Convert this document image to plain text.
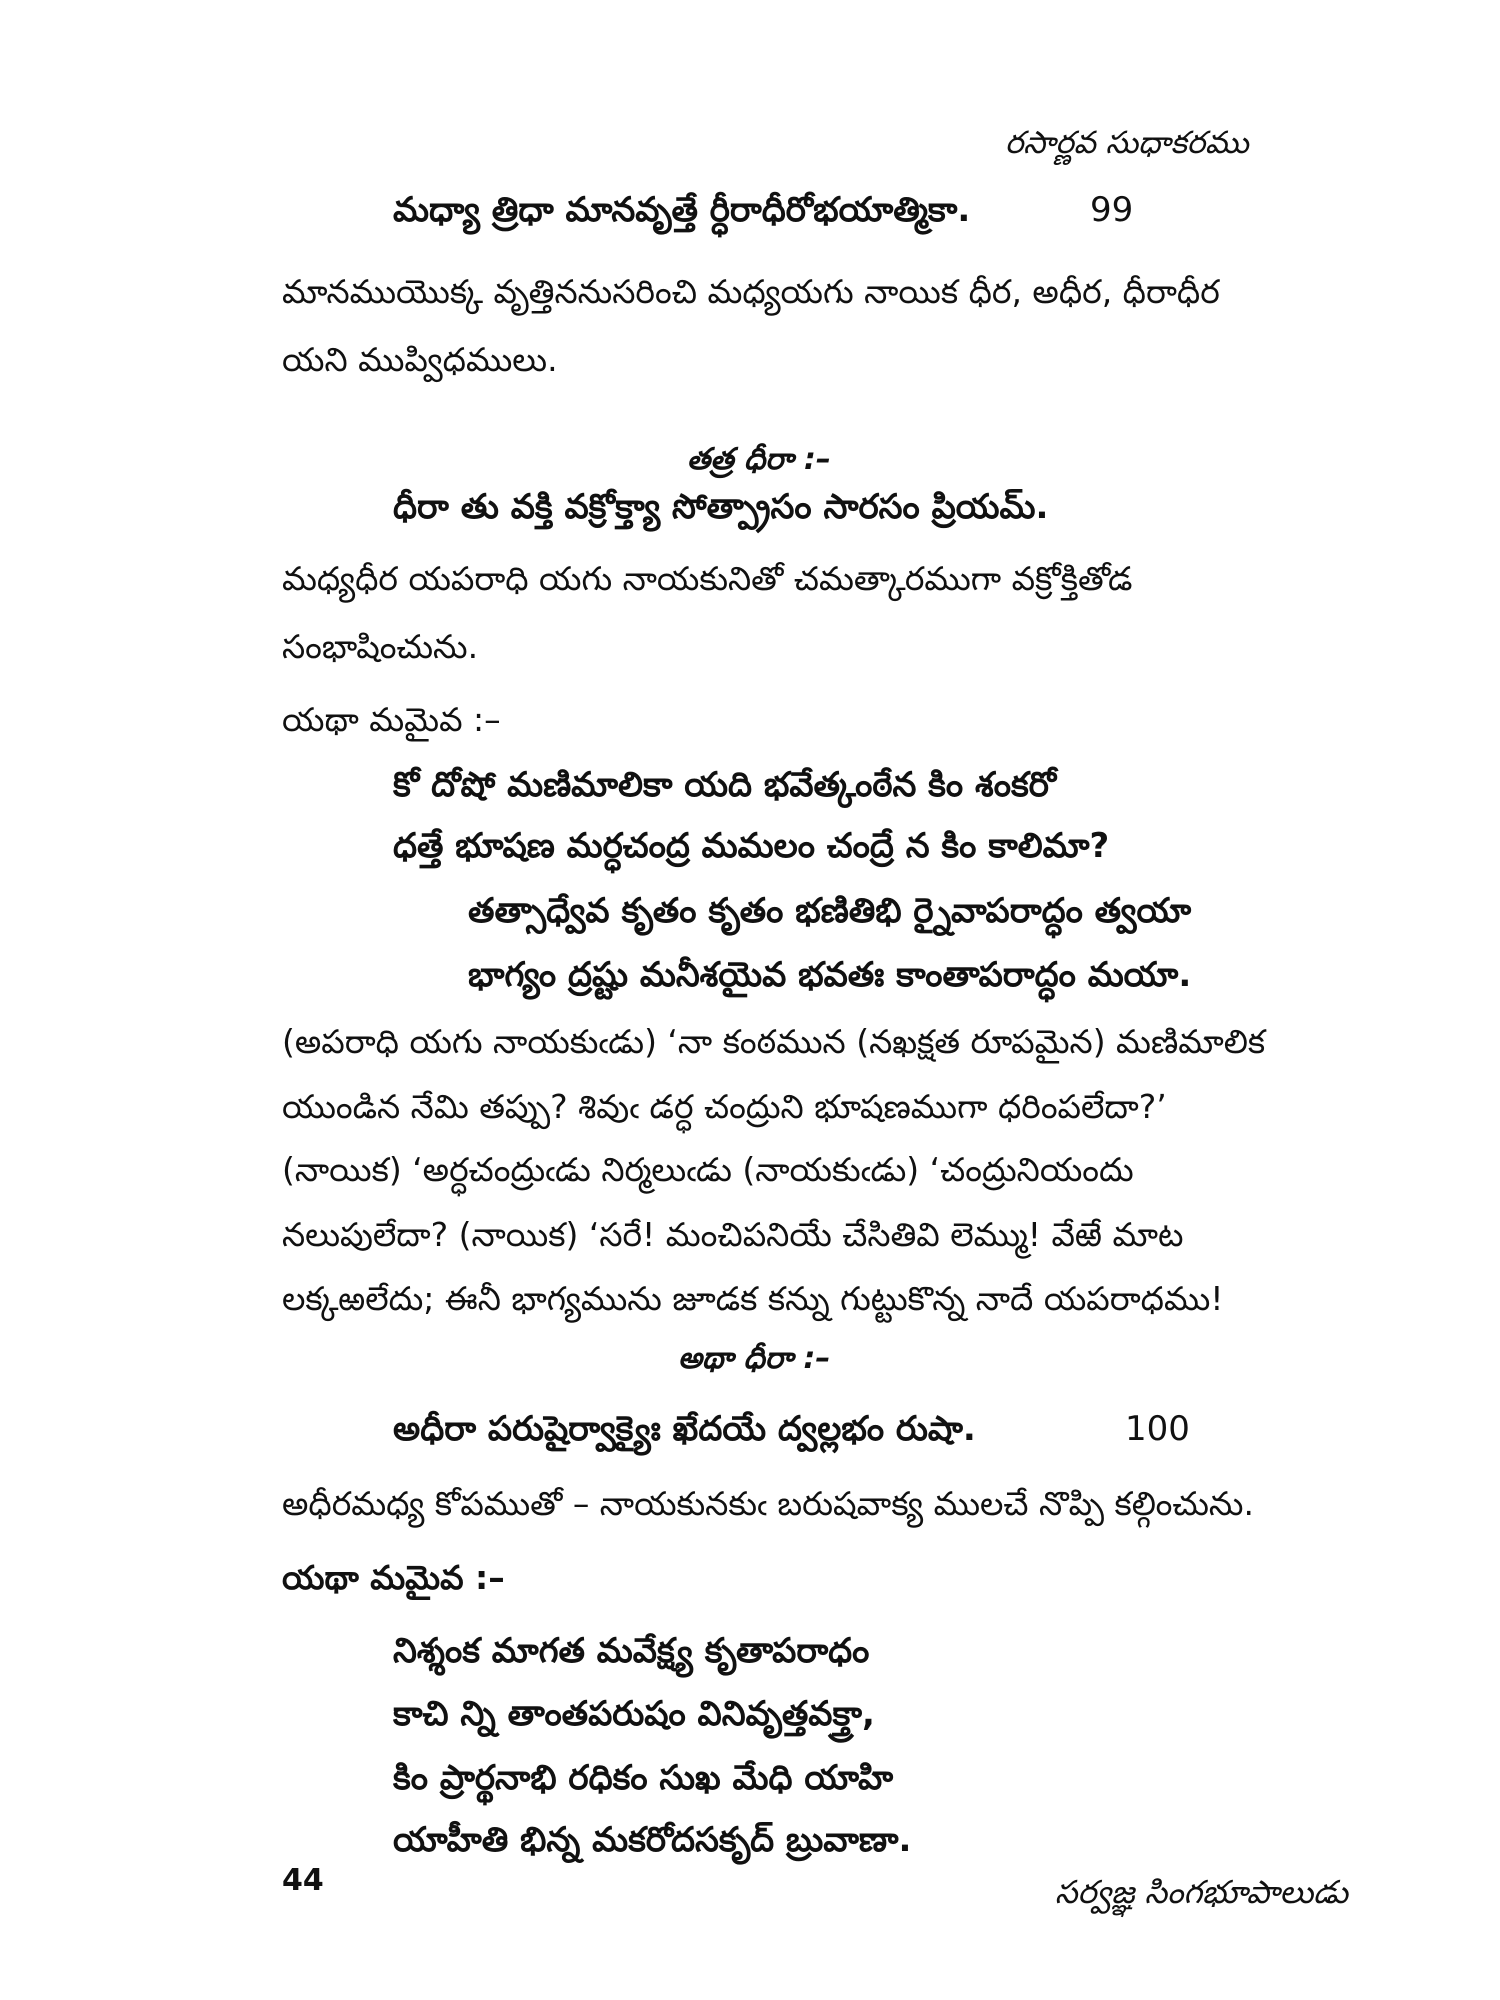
రసార్ణవ సుధాకరము
మధ్యా త్రిధా మానవృత్తే ర్ధీరాధీరోభయాత్మికా.	99
మానముయొక్క వృత్తిననుసరించి మధ్యయగు నాయిక ధీర, అధీర, ధీరాధీర
యని ముప్విధములు.
తత్ర ధీరా :–
ధీరా తు వక్తి వక్రోక్త్యా సోత్ప్రాసం సారసం ప్రియమ్.
మధ్యధీర యపరాధి యగు నాయకునితో చమత్కారముగా వక్రోక్తితోడ
సంభాషించును.
యథా మమైవ :–
కో దోషో మణిమాలికా యది భవేత్కంఠేన కిం శంకరో
ధత్తే భూషణ మర్ధచంద్ర మమలం చంద్రే న కిం కాలిమా?
తత్సాధ్వేవ కృతం కృతం భణితిభి ర్నైవాపరాద్ధం త్వయా
భాగ్యం ద్రష్టు మనీశయైవ భవతః కాంతాపరాద్ధం మయా.
(అపరాధి యగు నాయకుఁడు) ‘నా కంఠమున (నఖక్షత రూపమైన) మణిమాలిక
యుండిన నేమి తప్పు? శివుఁ డర్ధ చంద్రుని భూషణముగా ధరింపలేదా?’
(నాయిక) ‘అర్ధచంద్రుఁడు నిర్మలుఁడు (నాయకుఁడు) ‘చంద్రునియందు
నలుపులేదా? (నాయిక) ‘సరే! మంచిపనియే చేసితివి లెమ్ము! వేఱే మాట
లక్కఱలేదు; ఈనీ భాగ్యమును జూడక కన్ను గుట్టుకొన్న నాదే యపరాధము!
అథా ధీరా :–
అధీరా పరుషైర్వాక్యైః ఖేదయే ద్వల్లభం రుషా.	100
అధీరమధ్య కోపముతో – నాయకునకుఁ బరుషవాక్య ములచే నొప్పి కల్గించును.
యథా మమైవ :–
నిశ్శంక మాగత మవేక్ష్య కృతాపరాధం
కాచి న్ని తాంతపరుషం వినివృత్తవక్త్రా,
కిం ప్రార్థనాభి రధికం సుఖ మేధి యాహి
యాహీతి భిన్న మకరోదసకృద్ బ్రువాణా.
44	సర్వజ్ఞ సింగభూపాలుడు
